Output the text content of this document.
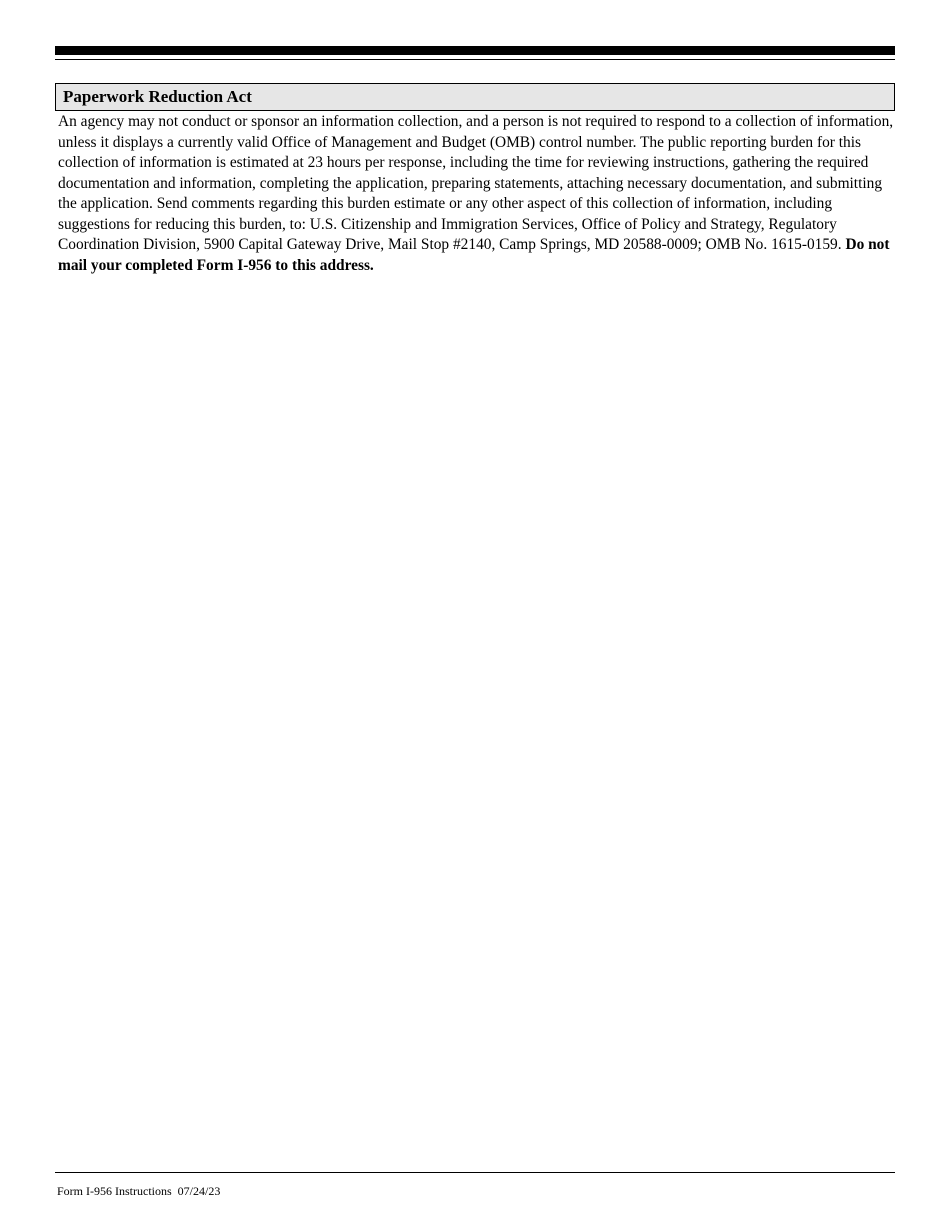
Paperwork Reduction Act

An agency may not conduct or sponsor an information collection, and a person is not required to respond to a collection of information, unless it displays a currently valid Office of Management and Budget (OMB) control number. The public reporting burden for this collection of information is estimated at 23 hours per response, including the time for reviewing instructions, gathering the required documentation and information, completing the application, preparing statements, attaching necessary documentation, and submitting the application. Send comments regarding this burden estimate or any other aspect of this collection of information, including suggestions for reducing this burden, to: U.S. Citizenship and Immigration Services, Office of Policy and Strategy, Regulatory Coordination Division, 5900 Capital Gateway Drive, Mail Stop #2140, Camp Springs, MD 20588-0009; OMB No. 1615-0159. Do not mail your completed Form I-956 to this address.

Form I-956 Instructions  07/24/23
